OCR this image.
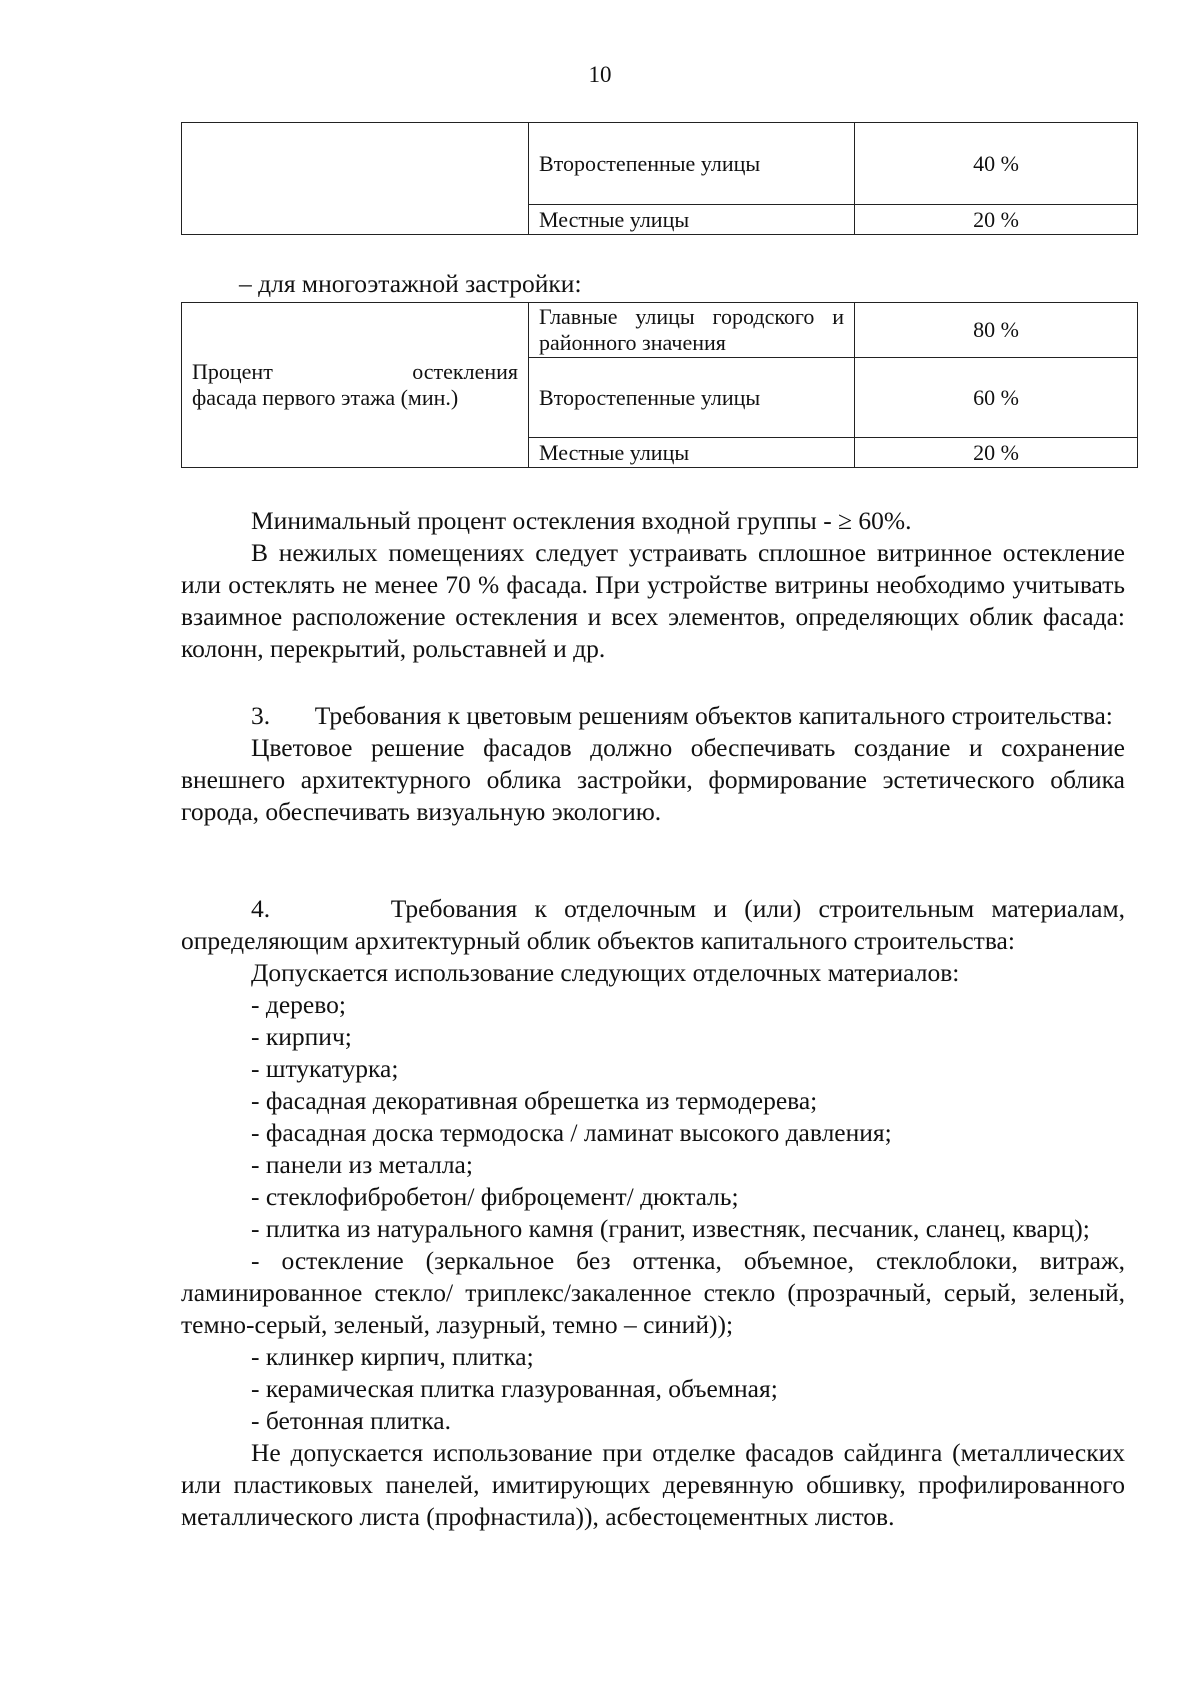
10
	Второстепенные улицы	40 %
	Местные улицы	20 %
– для многоэтажной застройки:
Процент остекления
фасада первого этажа (мин.)	Главные улицы городского и районного значения	80 %
	Второстепенные улицы	60 %
	Местные улицы	20 %

Минимальный процент остекления входной группы - ≥ 60%.

В нежилых помещениях следует устраивать сплошное витринное остекление или остеклять не менее 70 % фасада. При устройстве витрины необходимо учитывать взаимное расположение остекления и всех элементов, определяющих облик фасада: колонн, перекрытий, рольставней и др.

3.       Требования к цветовым решениям объектов капитального строительства:

Цветовое решение фасадов должно обеспечивать создание и сохранение внешнего архитектурного облика застройки, формирование эстетического облика города, обеспечивать визуальную экологию.

4.       Требования к отделочным и (или) строительным материалам, определяющим архитектурный облик объектов капитального строительства:

Допускается использование следующих отделочных материалов:

- дерево;

- кирпич;

- штукатурка;

- фасадная декоративная обрешетка из термодерева;

- фасадная доска термодоска / ламинат высокого давления;

- панели из металла;

- стеклофибробетон/ фиброцемент/ дюкталь;

- плитка из натурального камня (гранит, известняк, песчаник, сланец, кварц);

- остекление (зеркальное без оттенка, объемное, стеклоблоки, витраж, ламинированное стекло/ триплекс/закаленное стекло (прозрачный, серый, зеленый, темно-серый, зеленый, лазурный, темно – синий));

- клинкер кирпич, плитка;

- керамическая плитка глазурованная, объемная;

- бетонная плитка.

Не допускается использование при отделке фасадов сайдинга (металлических или пластиковых панелей, имитирующих деревянную обшивку, профилированного металлического листа (профнастила)), асбестоцементных листов.
